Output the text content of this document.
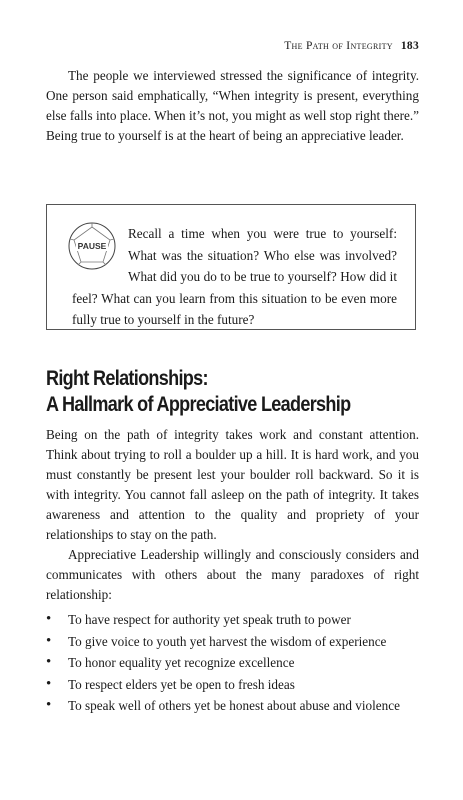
The Path of Integrity 183

The people we interviewed stressed the significance of integrity. One person said emphatically, “When integrity is present, everything else falls into place. When it’s not, you might as well stop right there.” Being true to yourself is at the heart of being an appreciative leader.

PAUSE
Recall a time when you were true to yourself: What was the situation? Who else was involved? What did you do to be true to yourself? How did it feel? What can you learn from this situation to be even more fully true to yourself in the future?
Right Relationships:
A Hallmark of Appreciative Leadership

Being on the path of integrity takes work and constant attention. Think about trying to roll a boulder up a hill. It is hard work, and you must constantly be present lest your boulder roll backward. So it is with integrity. You cannot fall asleep on the path of integrity. It takes awareness and attention to the quality and propriety of your relationships to stay on the path.

Appreciative Leadership willingly and consciously considers and communicates with others about the many paradoxes of right relationship:

• To have respect for authority yet speak truth to power
• To give voice to youth yet harvest the wisdom of experience
• To honor equality yet recognize excellence
• To respect elders yet be open to fresh ideas
• To speak well of others yet be honest about abuse and violence
